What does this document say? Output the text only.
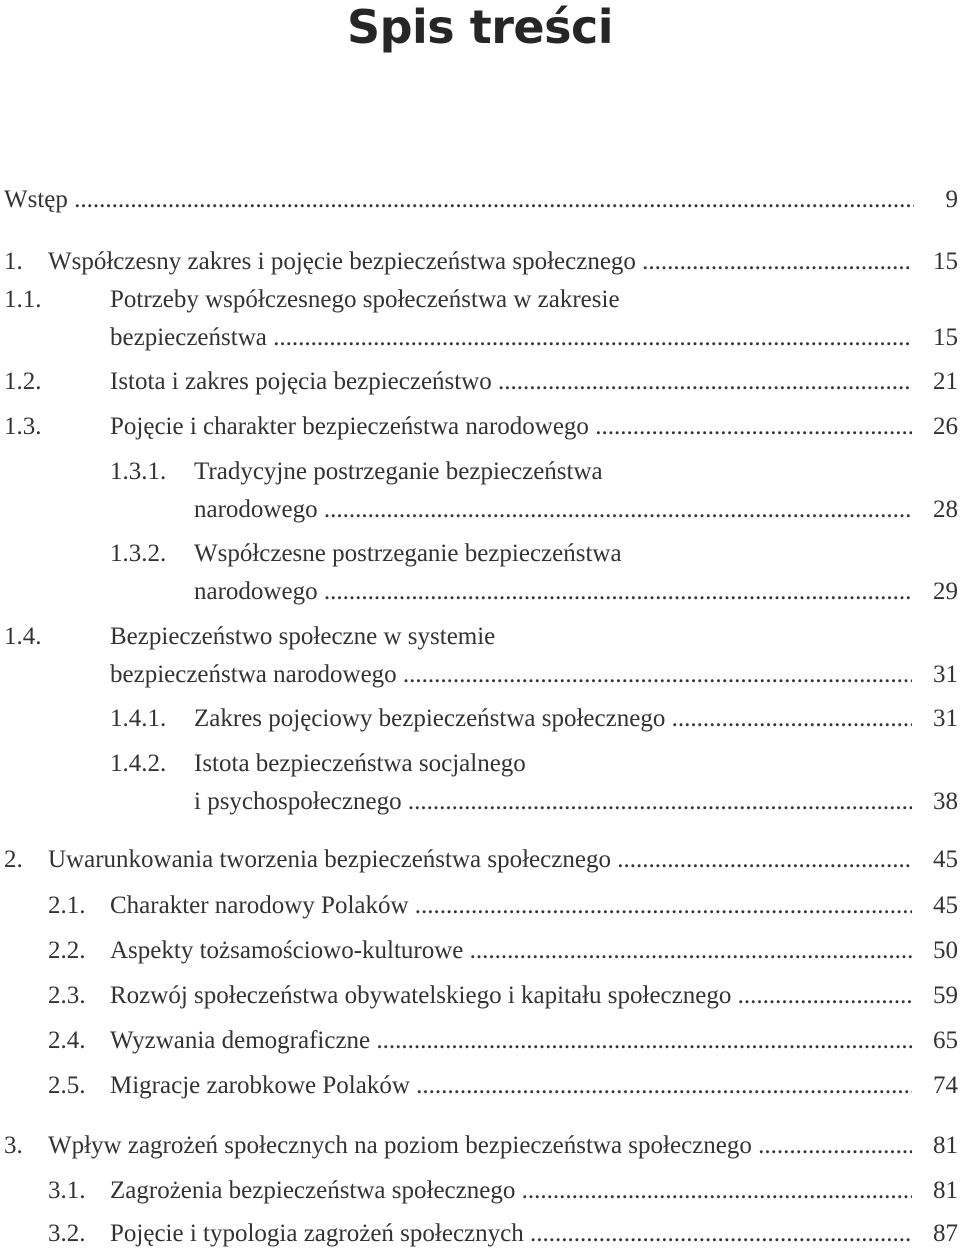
Spis treści
Wstęp .....	9
1. Współczesny zakres i pojęcie bezpieczeństwa społecznego .....	15
1.1.	Potrzeby współczesnego społeczeństwa w zakresie
bezpieczeństwa .....	15
1.2.	Istota i zakres pojęcia bezpieczeństwo .....	21
1.3.	Pojęcie i charakter bezpieczeństwa narodowego .....	26
1.3.1. Tradycyjne postrzeganie bezpieczeństwa
narodowego .....	28
1.3.2. Współczesne postrzeganie bezpieczeństwa
narodowego .....	29
1.4.	Bezpieczeństwo społeczne w systemie
bezpieczeństwa narodowego .....	31
1.4.1. Zakres pojęciowy bezpieczeństwa społecznego .....	31
1.4.2. Istota bezpieczeństwa socjalnego
i psychospołecznego .....	38
2. Uwarunkowania tworzenia bezpieczeństwa społecznego .....	45
2.1. Charakter narodowy Polaków .....	45
2.2. Aspekty tożsamościowo-kulturowe .....	50
2.3. Rozwój społeczeństwa obywatelskiego i kapitału społecznego .....	59
2.4. Wyzwania demograficzne .....	65
2.5. Migracje zarobkowe Polaków .....	74
3. Wpływ zagrożeń społecznych na poziom bezpieczeństwa społecznego .....	81
3.1. Zagrożenia bezpieczeństwa społecznego .....	81
3.2. Pojęcie i typologia zagrożeń społecznych .....	87
